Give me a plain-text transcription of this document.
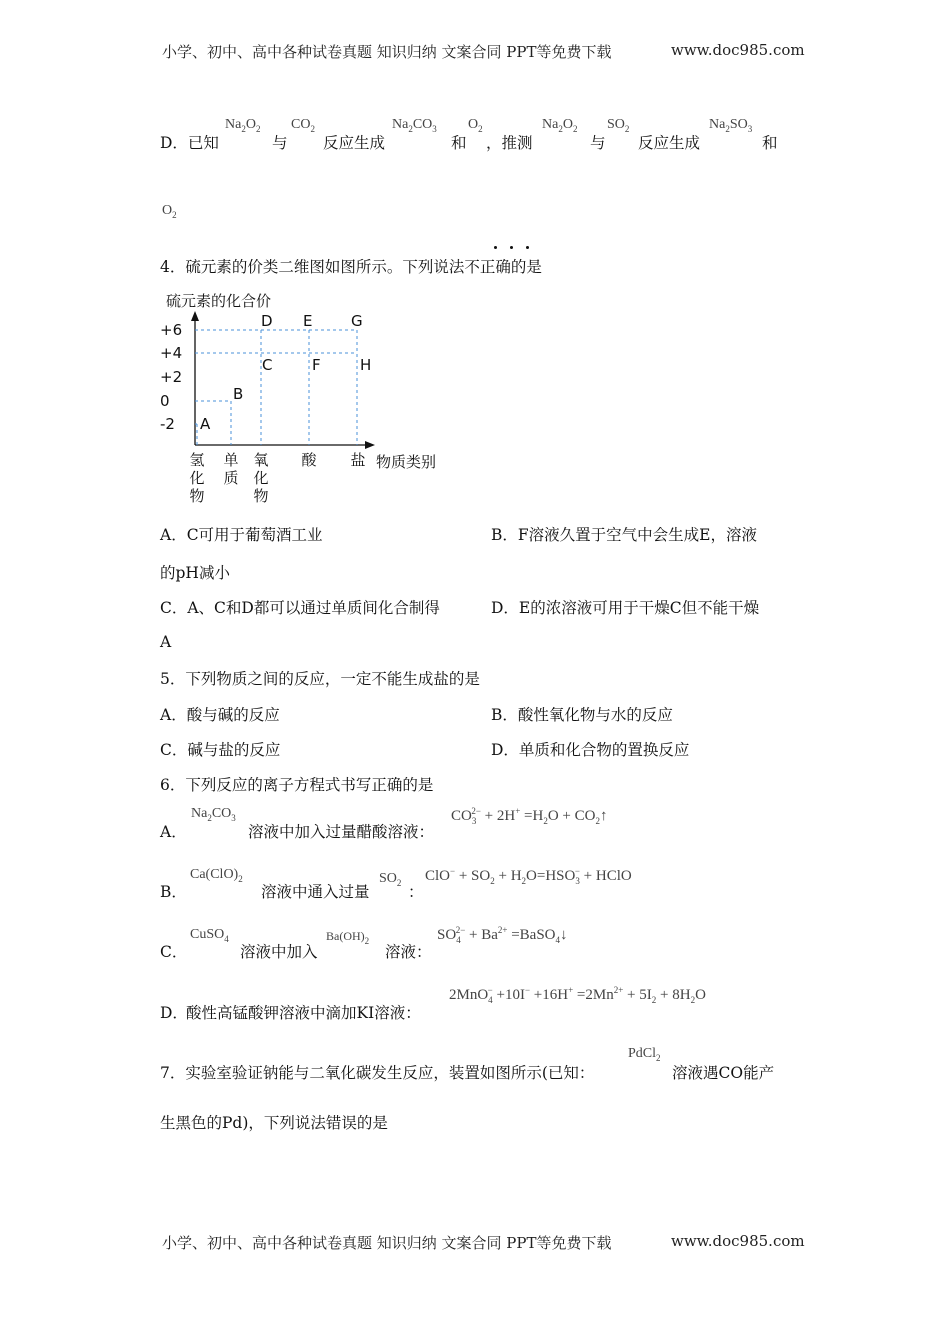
小学、初中、高中各种试卷真题 知识归纳 文案合同 PPT等免费下载	www.doc985.com
D．已知
$Na_2O_2$
与
$CO_2$
反应生成
$Na_2CO_3$
和
$O_2$
，推测
$Na_2O_2$
与
$SO_2$
反应生成
$Na_2SO_3$
和
$O_2$
4．硫元素的价类二维图如图所示。下列说法不正确的是
硫元素的化合价
物质类别
+6
+4
+2
0
-2
氢
化
物
单
质
氧
化
物
酸 盐
A
B
C
D E
F
G
H
A．C可用于葡萄酒工业	B．F溶液久置于空气中会生成E，溶液
的pH减小
C．A、C和D都可以通过单质间化合制得	D．E的浓溶液可用于干燥C但不能干燥
A
5．下列物质之间的反应，一定不能生成盐的是
A．酸与碱的反应	B．酸性氧化物与水的反应
C．碱与盐的反应	D．单质和化合物的置换反应
6．下列反应的离子方程式书写正确的是
A．
$Na_2CO_3$
溶液中加入过量醋酸溶液：
$CO_3^{2-} + 2H^+ =H_2O$ + $CO_2↑$
B．
$Ca(ClO)_2$
溶液中通入过量
$SO_2$ ：
$ClO^- + SO_2 + H_2O=HSO_3^-$ + HClO
C．
CuSO$_4$
溶液中加入
$Ba(OH)_2$
溶液：
$SO_4^{2-} + Ba^{2+}$ =BaSO$_4$↓
D．
酸性高锰酸钾溶液中滴加KI溶液：
$2MnO_4^- +10I^- +16H^+ =2Mn^{2+} + 5I_2 + 8H_2O$
7．实验室验证钠能与二氧化碳发生反应，装置如图所示(已知：
PdCl$_2$
溶液遇CO能产
生黑色的Pd)，下列说法错误的是
小学、初中、高中各种试卷真题 知识归纳 文案合同 PPT等免费下载	www.doc985.com
